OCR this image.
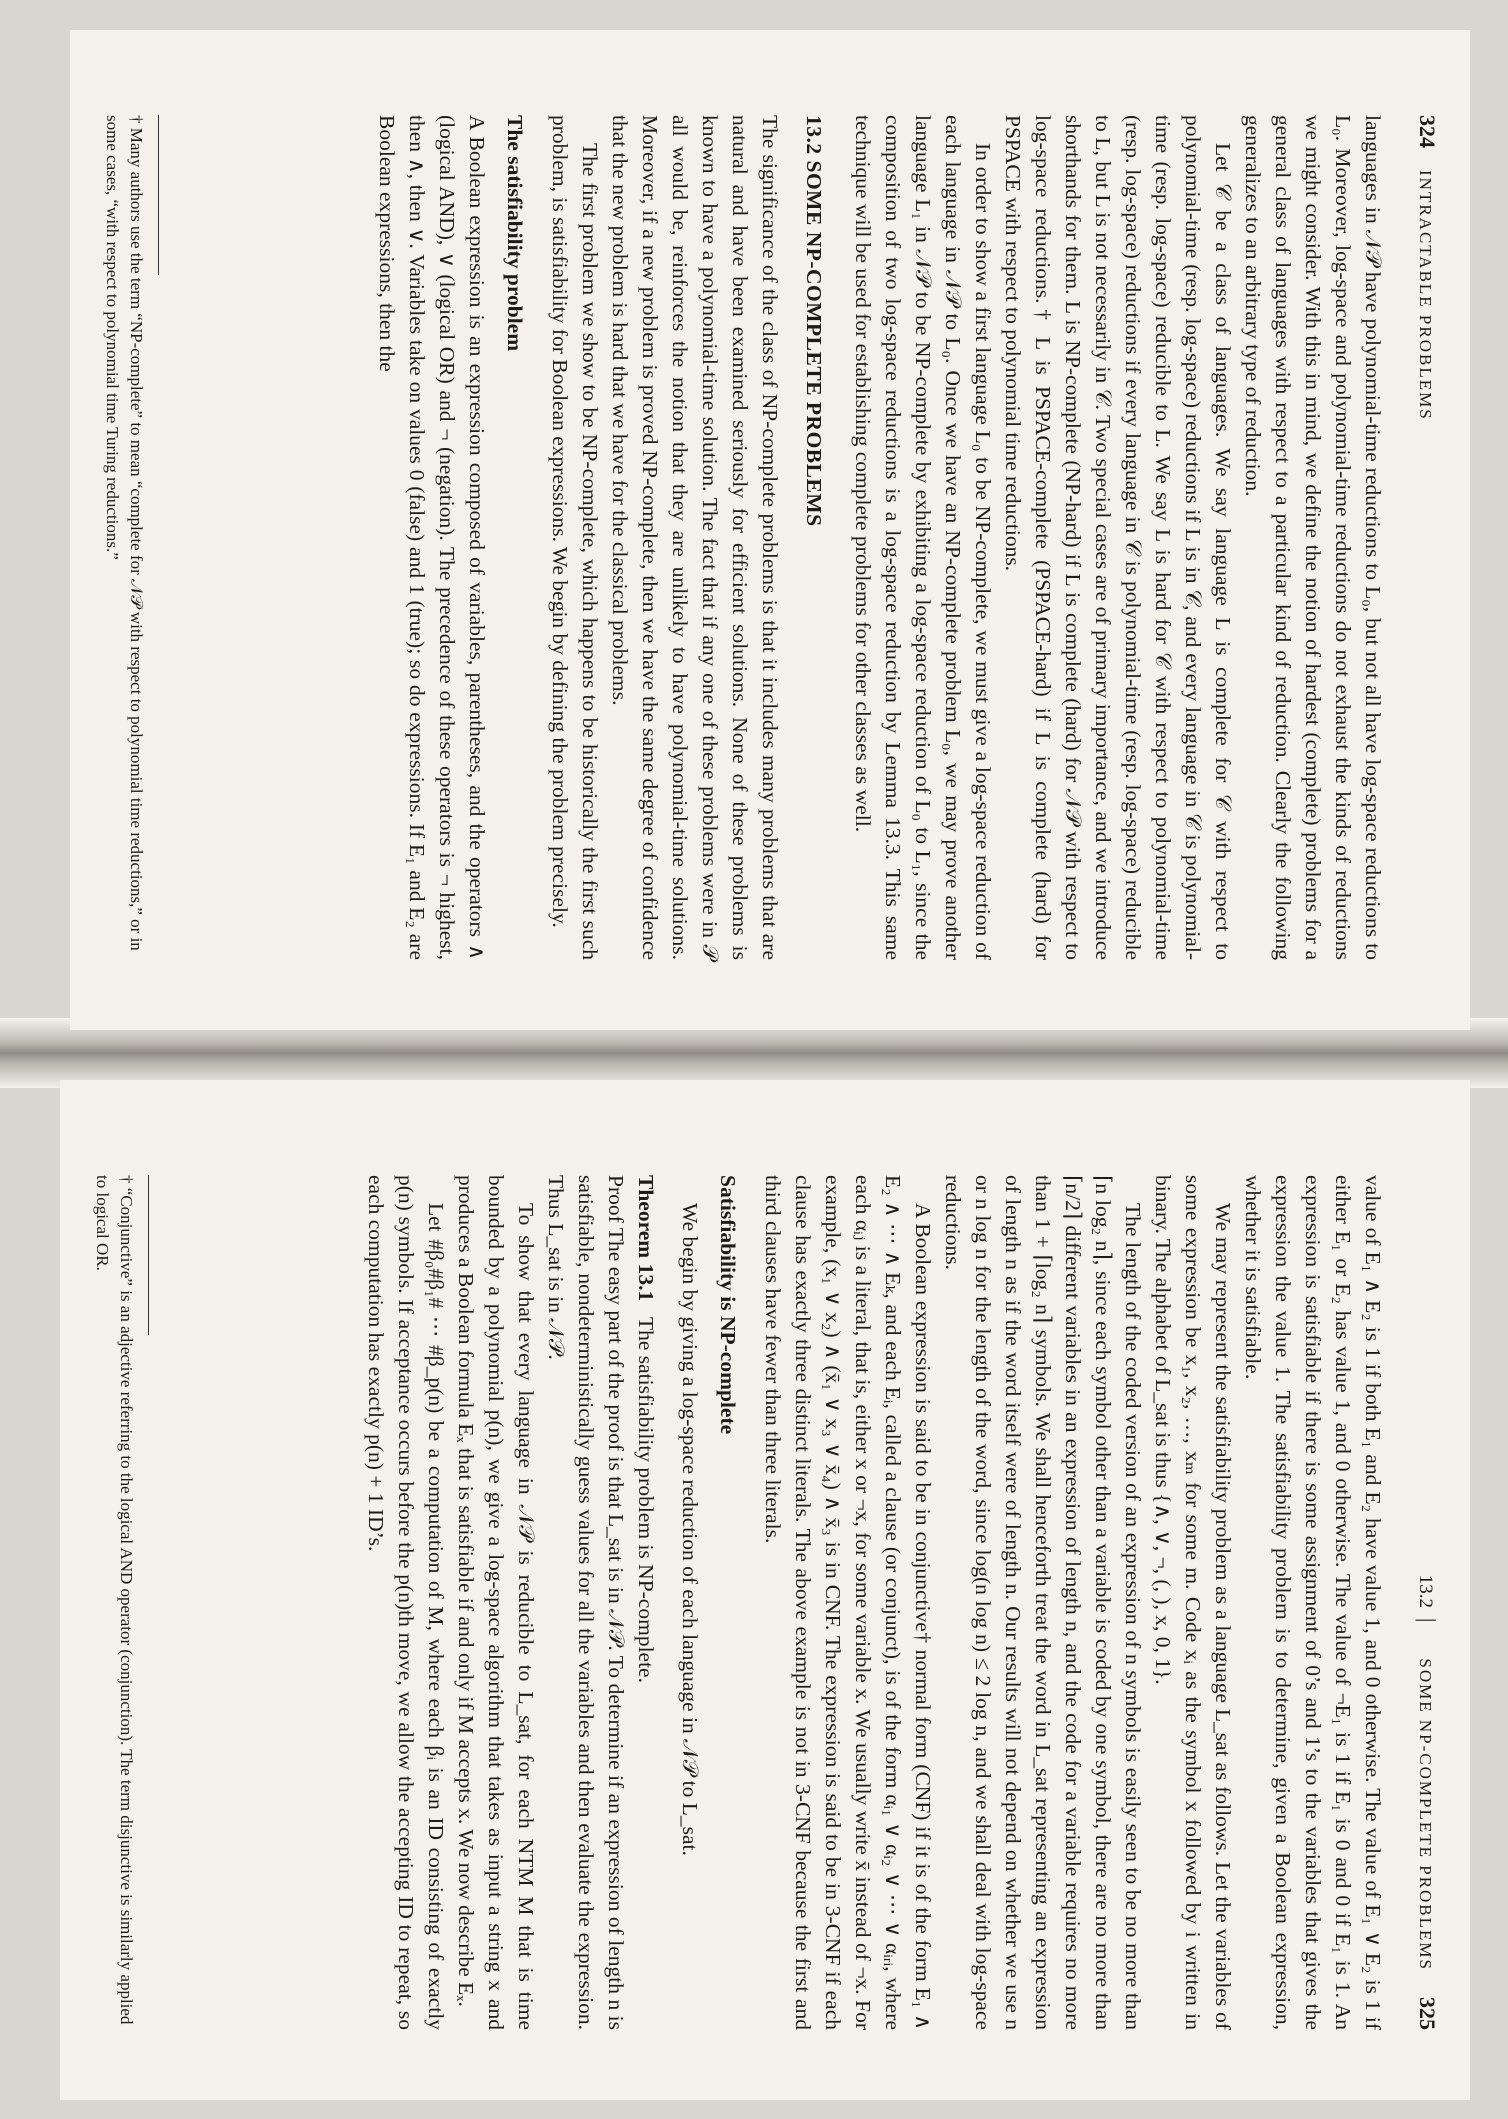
324
INTRACTABLE PROBLEMS

languages in 𝒩𝒫 have polynomial-time reductions to L₀, but not all have log-space reductions to L₀. Moreover, log-space and polynomial-time reductions do not exhaust the kinds of reductions we might consider. With this in mind, we define the notion of hardest (complete) problems for a general class of languages with respect to a particular kind of reduction. Clearly the following generalizes to an arbitrary type of reduction.

Let 𝒞 be a class of languages. We say language L is complete for 𝒞 with respect to polynomial-time (resp. log-space) reductions if L is in 𝒞, and every language in 𝒞 is polynomial-time (resp. log-space) reducible to L. We say L is hard for 𝒞 with respect to polynomial-time (resp. log-space) reductions if every language in 𝒞 is polynomial-time (resp. log-space) reducible to L, but L is not necessarily in 𝒞. Two special cases are of primary importance, and we introduce shorthands for them. L is NP-complete (NP-hard) if L is complete (hard) for 𝒩𝒫 with respect to log-space reductions.† L is PSPACE-complete (PSPACE-hard) if L is complete (hard) for PSPACE with respect to polynomial time reductions.

In order to show a first language L₀ to be NP-complete, we must give a log-space reduction of each language in 𝒩𝒫 to L₀. Once we have an NP-complete problem L₀, we may prove another language L₁ in 𝒩𝒫 to be NP-complete by exhibiting a log-space reduction of L₀ to L₁, since the composition of two log-space reductions is a log-space reduction by Lemma 13.3. This same technique will be used for establishing complete problems for other classes as well.

13.2 SOME NP-COMPLETE PROBLEMS

The significance of the class of NP-complete problems is that it includes many problems that are natural and have been examined seriously for efficient solutions. None of these problems is known to have a polynomial-time solution. The fact that if any one of these problems were in 𝒫 all would be, reinforces the notion that they are unlikely to have polynomial-time solutions. Moreover, if a new problem is proved NP-complete, then we have the same degree of confidence that the new problem is hard that we have for the classical problems.

The first problem we show to be NP-complete, which happens to be historically the first such problem, is satisfiability for Boolean expressions. We begin by defining the problem precisely.

The satisfiability problem

A Boolean expression is an expression composed of variables, parentheses, and the operators ∧ (logical AND), ∨ (logical OR) and ¬ (negation). The precedence of these operators is ¬ highest, then ∧, then ∨. Variables take on values 0 (false) and 1 (true); so do expressions. If E₁ and E₂ are Boolean expressions, then the

† Many authors use the term “NP-complete” to mean “complete for 𝒩𝒫 with respect to polynomial time reductions,” or in some cases, “with respect to polynomial time Turing reductions.”
13.2
|
SOME NP-COMPLETE PROBLEMS
325

value of E₁ ∧ E₂ is 1 if both E₁ and E₂ have value 1, and 0 otherwise. The value of E₁ ∨ E₂ is 1 if either E₁ or E₂ has value 1, and 0 otherwise. The value of ¬E₁ is 1 if E₁ is 0 and 0 if E₁ is 1. An expression is satisfiable if there is some assignment of 0’s and 1’s to the variables that gives the expression the value 1. The satisfiability problem is to determine, given a Boolean expression, whether it is satisfiable.

We may represent the satisfiability problem as a language L_sat as follows. Let the variables of some expression be x₁, x₂, …, xₘ for some m. Code xᵢ as the symbol x followed by i written in binary. The alphabet of L_sat is thus {∧, ∨, ¬, (, ), x, 0, 1}.

The length of the coded version of an expression of n symbols is easily seen to be no more than ⌈n log₂ n⌉, since each symbol other than a variable is coded by one symbol, there are no more than ⌈n/2⌉ different variables in an expression of length n, and the code for a variable requires no more than 1 + ⌈log₂ n⌉ symbols. We shall henceforth treat the word in L_sat representing an expression of length n as if the word itself were of length n. Our results will not depend on whether we use n or n log n for the length of the word, since log(n log n) ≤ 2 log n, and we shall deal with log-space reductions.

A Boolean expression is said to be in conjunctive† normal form (CNF) if it is of the form E₁ ∧ E₂ ∧ ⋯ ∧ Eₖ, and each Eᵢ, called a clause (or conjunct), is of the form αᵢ₁ ∨ αᵢ₂ ∨ ⋯ ∨ αᵢᵣᵢ, where each αᵢⱼ is a literal, that is, either x or ¬x, for some variable x. We usually write x̄ instead of ¬x. For example, (x₁ ∨ x₂) ∧ (x̄₁ ∨ x₃ ∨ x̄₄) ∧ x̄₃ is in CNF. The expression is said to be in 3-CNF if each clause has exactly three distinct literals. The above example is not in 3-CNF because the first and third clauses have fewer than three literals.

Satisfiability is NP-complete

We begin by giving a log-space reduction of each language in 𝒩𝒫 to L_sat.

Theorem 13.1   The satisfiability problem is NP-complete.

Proof The easy part of the proof is that L_sat is in 𝒩𝒫. To determine if an expression of length n is satisfiable, nondeterministically guess values for all the variables and then evaluate the expression. Thus L_sat is in 𝒩𝒫.

To show that every language in 𝒩𝒫 is reducible to L_sat, for each NTM M that is time bounded by a polynomial p(n), we give a log-space algorithm that takes as input a string x and produces a Boolean formula Eₓ that is satisfiable if and only if M accepts x. We now describe Eₓ.

Let #β₀#β₁# ⋯ #β_p(n) be a computation of M, where each βᵢ is an ID consisting of exactly p(n) symbols. If acceptance occurs before the p(n)th move, we allow the accepting ID to repeat, so each computation has exactly p(n) + 1 ID’s.

† “Conjunctive” is an adjective referring to the logical AND operator (conjunction). The term disjunctive is similarly applied to logical OR.
